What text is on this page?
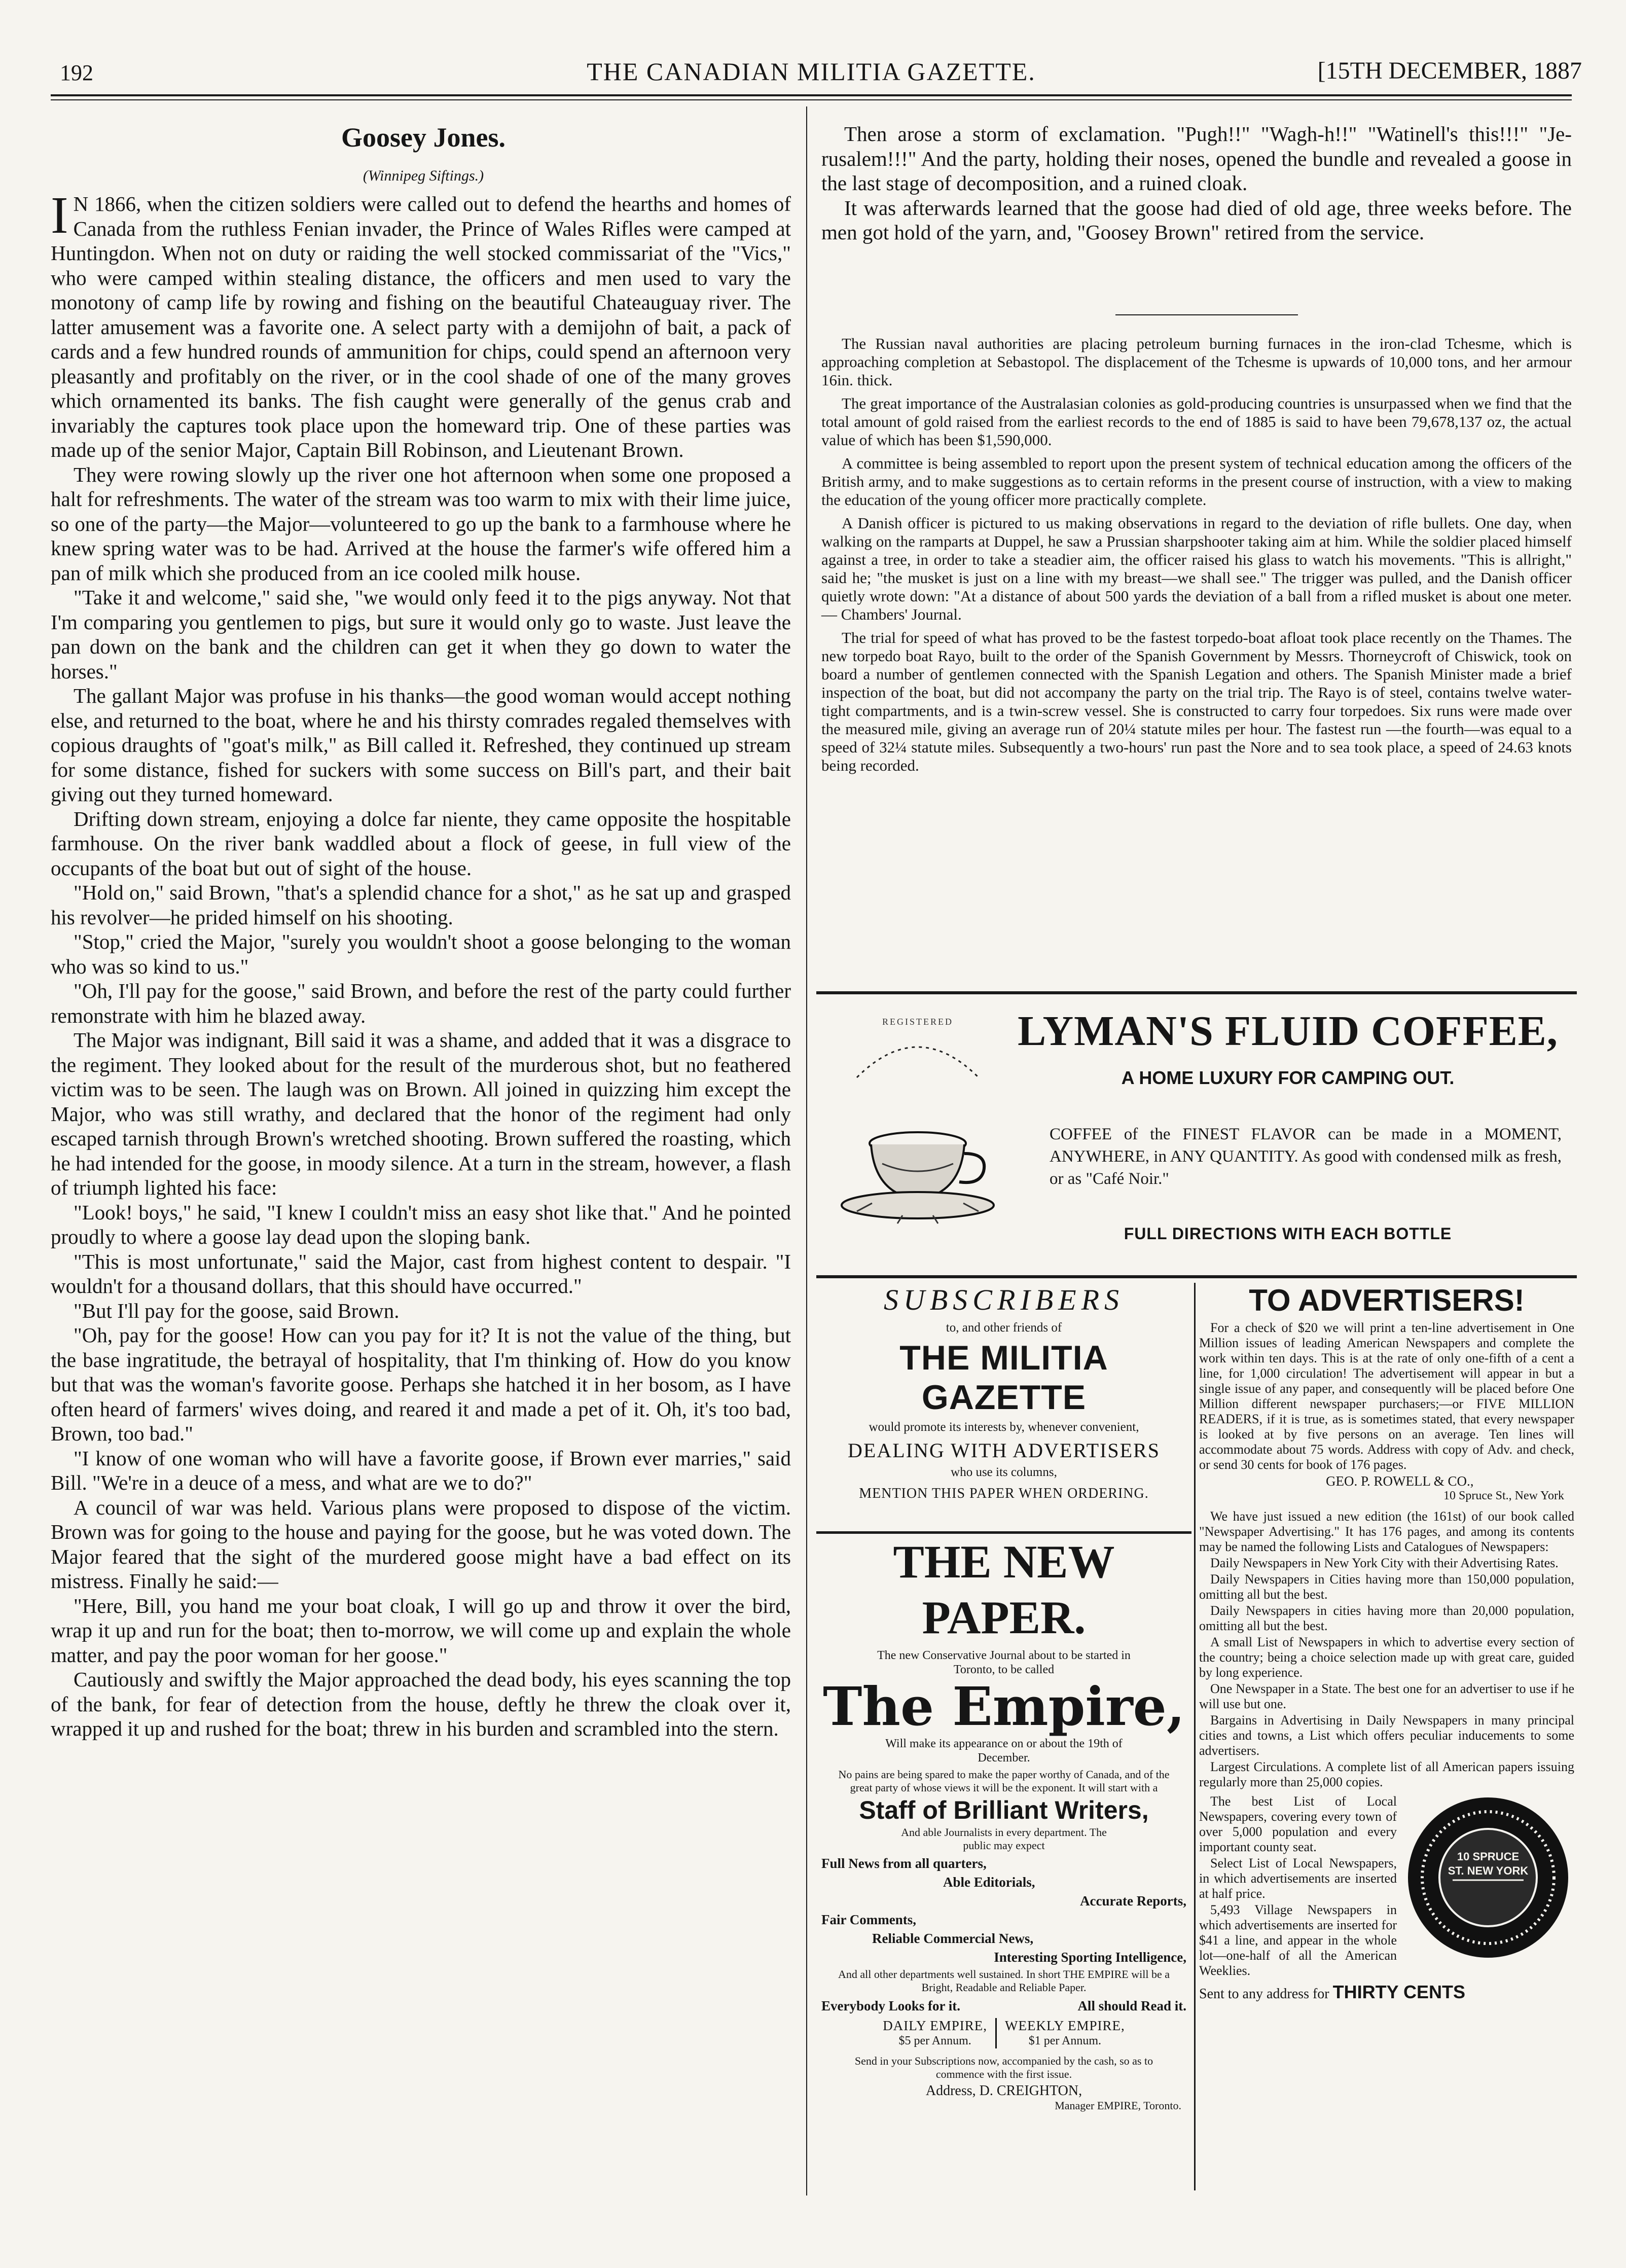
192	THE CANADIAN MILITIA GAZETTE.	[15TH DECEMBER, 1887
Goosey Jones.
(Winnipeg Siftings.)

I N 1866, when the citizen soldiers were called out to defend the hearths and homes of Canada from the ruthless Fenian invader, the Prince of Wales Rifles were camped at Huntingdon. When not on duty or raiding the well stocked commissariat of the "Vics," who were camped within stealing distance, the officers and men used to vary the monotony of camp life by rowing and fishing on the beautiful Chateauguay river. The latter amusement was a favorite one. A select party with a demijohn of bait, a pack of cards and a few hundred rounds of ammunition for chips, could spend an afternoon very pleasantly and profitably on the river, or in the cool shade of one of the many groves which ornamented its banks. The fish caught were generally of the genus crab and invariably the captures took place upon the homeward trip. One of these parties was made up of the senior Major, Captain Bill Robinson, and Lieutenant Brown.

They were rowing slowly up the river one hot afternoon when some one proposed a halt for refreshments. The water of the stream was too warm to mix with their lime juice, so one of the party—the Major—volunteered to go up the bank to a farmhouse where he knew spring water was to be had. Arrived at the house the farmer's wife offered him a pan of milk which she produced from an ice cooled milk house.

"Take it and welcome," said she, "we would only feed it to the pigs anyway. Not that I'm comparing you gentlemen to pigs, but sure it would only go to waste. Just leave the pan down on the bank and the children can get it when they go down to water the horses."

The gallant Major was profuse in his thanks—the good woman would accept nothing else, and returned to the boat, where he and his thirsty comrades regaled themselves with copious draughts of "goat's milk," as Bill called it. Refreshed, they continued up stream for some distance, fished for suckers with some success on Bill's part, and their bait giving out they turned homeward.

Drifting down stream, enjoying a dolce far niente, they came opposite the hospitable farmhouse. On the river bank waddled about a flock of geese, in full view of the occupants of the boat but out of sight of the house.

"Hold on," said Brown, "that's a splendid chance for a shot," as he sat up and grasped his revolver—he prided himself on his shooting.

"Stop," cried the Major, "surely you wouldn't shoot a goose belonging to the woman who was so kind to us."

"Oh, I'll pay for the goose," said Brown, and before the rest of the party could further remonstrate with him he blazed away.

The Major was indignant, Bill said it was a shame, and added that it was a disgrace to the regiment. They looked about for the result of the murderous shot, but no feathered victim was to be seen. The laugh was on Brown. All joined in quizzing him except the Major, who was still wrathy, and declared that the honor of the regiment had only escaped tarnish through Brown's wretched shooting. Brown suffered the roasting, which he had intended for the goose, in moody silence. At a turn in the stream, however, a flash of triumph lighted his face:

"Look! boys," he said, "I knew I couldn't miss an easy shot like that." And he pointed proudly to where a goose lay dead upon the sloping bank.

"This is most unfortunate," said the Major, cast from highest content to despair. "I wouldn't for a thousand dollars, that this should have occurred."

"But I'll pay for the goose, said Brown.

"Oh, pay for the goose! How can you pay for it? It is not the value of the thing, but the base ingratitude, the betrayal of hospitality, that I'm thinking of. How do you know but that was the woman's favorite goose. Perhaps she hatched it in her bosom, as I have often heard of farmers' wives doing, and reared it and made a pet of it. Oh, it's too bad, Brown, too bad."

"I know of one woman who will have a favorite goose, if Brown ever marries," said Bill. "We're in a deuce of a mess, and what are we to do?"

A council of war was held. Various plans were proposed to dispose of the victim. Brown was for going to the house and paying for the goose, but he was voted down. The Major feared that the sight of the murdered goose might have a bad effect on its mistress. Finally he said:—

"Here, Bill, you hand me your boat cloak, I will go up and throw it over the bird, wrap it up and run for the boat; then to-morrow, we will come up and explain the whole matter, and pay the poor woman for her goose."

Cautiously and swiftly the Major approached the dead body, his eyes scanning the top of the bank, for fear of detection from the house, deftly he threw the cloak over it, wrapped it up and rushed for the boat; threw in his burden and scrambled into the stern.

Then arose a storm of exclamation. "Pugh!!" "Wagh-h!!" "Watinell's this!!!" "Je-rusalem!!!" And the party, holding their noses, opened the bundle and revealed a goose in the last stage of decomposition, and a ruined cloak.

It was afterwards learned that the goose had died of old age, three weeks before. The men got hold of the yarn, and, "Goosey Brown" retired from the service.

The Russian naval authorities are placing petroleum burning furnaces in the iron-clad Tchesme, which is approaching completion at Sebastopol. The displacement of the Tchesme is upwards of 10,000 tons, and her armour 16in. thick.

The great importance of the Australasian colonies as gold-producing countries is unsurpassed when we find that the total amount of gold raised from the earliest records to the end of 1885 is said to have been 79,678,137 oz, the actual value of which has been $1,590,000.

A committee is being assembled to report upon the present system of technical education among the officers of the British army, and to make suggestions as to certain reforms in the present course of instruction, with a view to making the education of the young officer more practically complete.

A Danish officer is pictured to us making observations in regard to the deviation of rifle bullets. One day, when walking on the ramparts at Duppel, he saw a Prussian sharpshooter taking aim at him. While the soldier placed himself against a tree, in order to take a steadier aim, the officer raised his glass to watch his movements. "This is allright," said he; "the musket is just on a line with my breast—we shall see." The trigger was pulled, and the Danish officer quietly wrote down: "At a distance of about 500 yards the deviation of a ball from a rifled musket is about one meter. — Chambers' Journal.

The trial for speed of what has proved to be the fastest torpedo-boat afloat took place recently on the Thames. The new torpedo boat Rayo, built to the order of the Spanish Government by Messrs. Thorneycroft of Chiswick, took on board a number of gentlemen connected with the Spanish Legation and others. The Spanish Minister made a brief inspection of the boat, but did not accompany the party on the trial trip. The Rayo is of steel, contains twelve water-tight compartments, and is a twin-screw vessel. She is constructed to carry four torpedoes. Six runs were made over the measured mile, giving an average run of 20¼ statute miles per hour. The fastest run —the fourth—was equal to a speed of 32¼ statute miles. Subsequently a two-hours' run past the Nore and to sea took place, a speed of 24.63 knots being recorded.

REGISTERED	LYMAN'S FLUID COFFEE,
A HOME LUXURY FOR CAMPING OUT.
COFFEE of the FINEST FLAVOR can be made in a MOMENT, ANYWHERE, in ANY QUANTITY. As good with condensed milk as fresh, or as "Café Noir."
FULL DIRECTIONS WITH EACH BOTTLE
SUBSCRIBERS
to, and other friends of
THE MILITIA GAZETTE
would promote its interests by, whenever convenient,
DEALING WITH ADVERTISERS
who use its columns,
MENTION THIS PAPER WHEN ORDERING.
THE NEW PAPER.
The new Conservative Journal about to be started in Toronto, to be called
The Empire,
Will make its appearance on or about the 19th of December.
No pains are being spared to make the paper worthy of Canada, and of the great party of whose views it will be the exponent. It will start with a
Staff of Brilliant Writers,
And able Journalists in every department. The public may expect
Full News from all quarters,
Able Editorials,
Accurate Reports,
Fair Comments,
Reliable Commercial News,
Interesting Sporting Intelligence,
And all other departments well sustained. In short THE EMPIRE will be a Bright, Readable and Reliable Paper.
Everybody Looks for it.	All should Read it.
DAILY EMPIRE,
$5 per Annum.
WEEKLY EMPIRE,
$1 per Annum.
Send in your Subscriptions now, accompanied by the cash, so as to commence with the first issue.
Address, D. CREIGHTON,
Manager EMPIRE, Toronto.
TO ADVERTISERS!

For a check of $20 we will print a ten-line advertisement in One Million issues of leading American Newspapers and complete the work within ten days. This is at the rate of only one-fifth of a cent a line, for 1,000 circulation! The advertisement will appear in but a single issue of any paper, and consequently will be placed before One Million different newspaper purchasers;—or FIVE MILLION READERS, if it is true, as is sometimes stated, that every newspaper is looked at by five persons on an average. Ten lines will accommodate about 75 words. Address with copy of Adv. and check, or send 30 cents for book of 176 pages.

GEO. P. ROWELL & CO.,
10 Spruce St., New York

We have just issued a new edition (the 161st) of our book called "Newspaper Advertising." It has 176 pages, and among its contents may be named the following Lists and Catalogues of Newspapers:

Daily Newspapers in New York City with their Advertising Rates.

Daily Newspapers in Cities having more than 150,000 population, omitting all but the best.

Daily Newspapers in cities having more than 20,000 population, omitting all but the best.

A small List of Newspapers in which to advertise every section of the country; being a choice selection made up with great care, guided by long experience.

One Newspaper in a State. The best one for an advertiser to use if he will use but one.

Bargains in Advertising in Daily Newspapers in many principal cities and towns, a List which offers peculiar inducements to some advertisers.

Largest Circulations. A complete list of all American papers issuing regularly more than 25,000 copies.

The best List of Local Newspapers, covering every town of over 5,000 population and every important county seat.

Select List of Local Newspapers, in which advertisements are inserted at half price.

5,493 Village Newspapers in which advertisements are inserted for $41 a line, and appear in the whole lot—one-half of all the American Weeklies.

10 SPRUCE ST. NEW YORK
Sent to any address for THIRTY CENTS
